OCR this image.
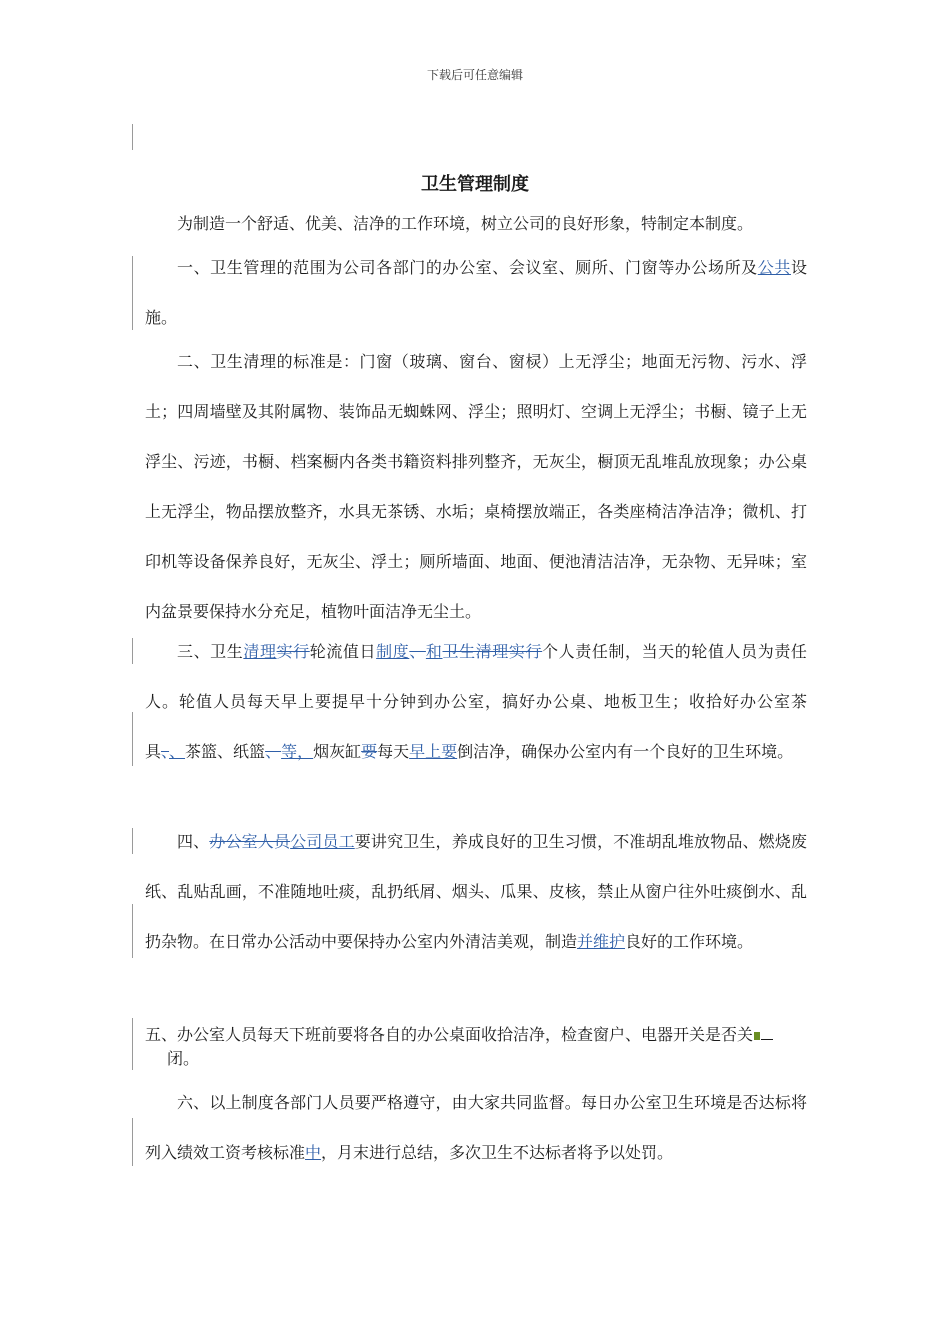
下载后可任意编辑
卫生管理制度
为制造一个舒适、优美、洁净的工作环境，树立公司的良好形象，特制定本制度。
一、卫生管理的范围为公司各部门的办公室、会议室、厕所、门窗等办公场所及公共设施。
二、卫生清理的标准是：门窗（玻璃、窗台、窗棂）上无浮尘；地面无污物、污水、浮土；四周墙壁及其附属物、装饰品无蜘蛛网、浮尘；照明灯、空调上无浮尘；书橱、镜子上无浮尘、污迹，书橱、档案橱内各类书籍资料排列整齐，无灰尘，橱顶无乱堆乱放现象；办公桌上无浮尘，物品摆放整齐，水具无茶锈、水垢；桌椅摆放端正，各类座椅洁净洁净；微机、打印机等设备保养良好，无灰尘、浮土；厕所墙面、地面、便池清洁洁净，无杂物、无异味；室内盆景要保持水分充足，植物叶面洁净无尘土。
三、卫生清理实行轮流值日制度、和卫生清理实行个人责任制，当天的轮值人员为责任人。轮值人员每天早上要提早十分钟到办公室，搞好办公桌、地板卫生；收拾好办公室茶具、、茶篮、纸篮、等，烟灰缸要每天早上要倒洁净，确保办公室内有一个良好的卫生环境。
四、办公室人员公司员工要讲究卫生，养成良好的卫生习惯，不准胡乱堆放物品、燃烧废纸、乱贴乱画，不准随地吐痰，乱扔纸屑、烟头、瓜果、皮核，禁止从窗户往外吐痰倒水、乱扔杂物。在日常办公活动中要保持办公室内外清洁美观，制造并维护良好的工作环境。
五、办公室人员每天下班前要将各自的办公桌面收拾洁净，检查窗户、电器开关是否关
闭。
六、以上制度各部门人员要严格遵守，由大家共同监督。每日办公室卫生环境是否达标将列入绩效工资考核标准中，月末进行总结，多次卫生不达标者将予以处罚。
